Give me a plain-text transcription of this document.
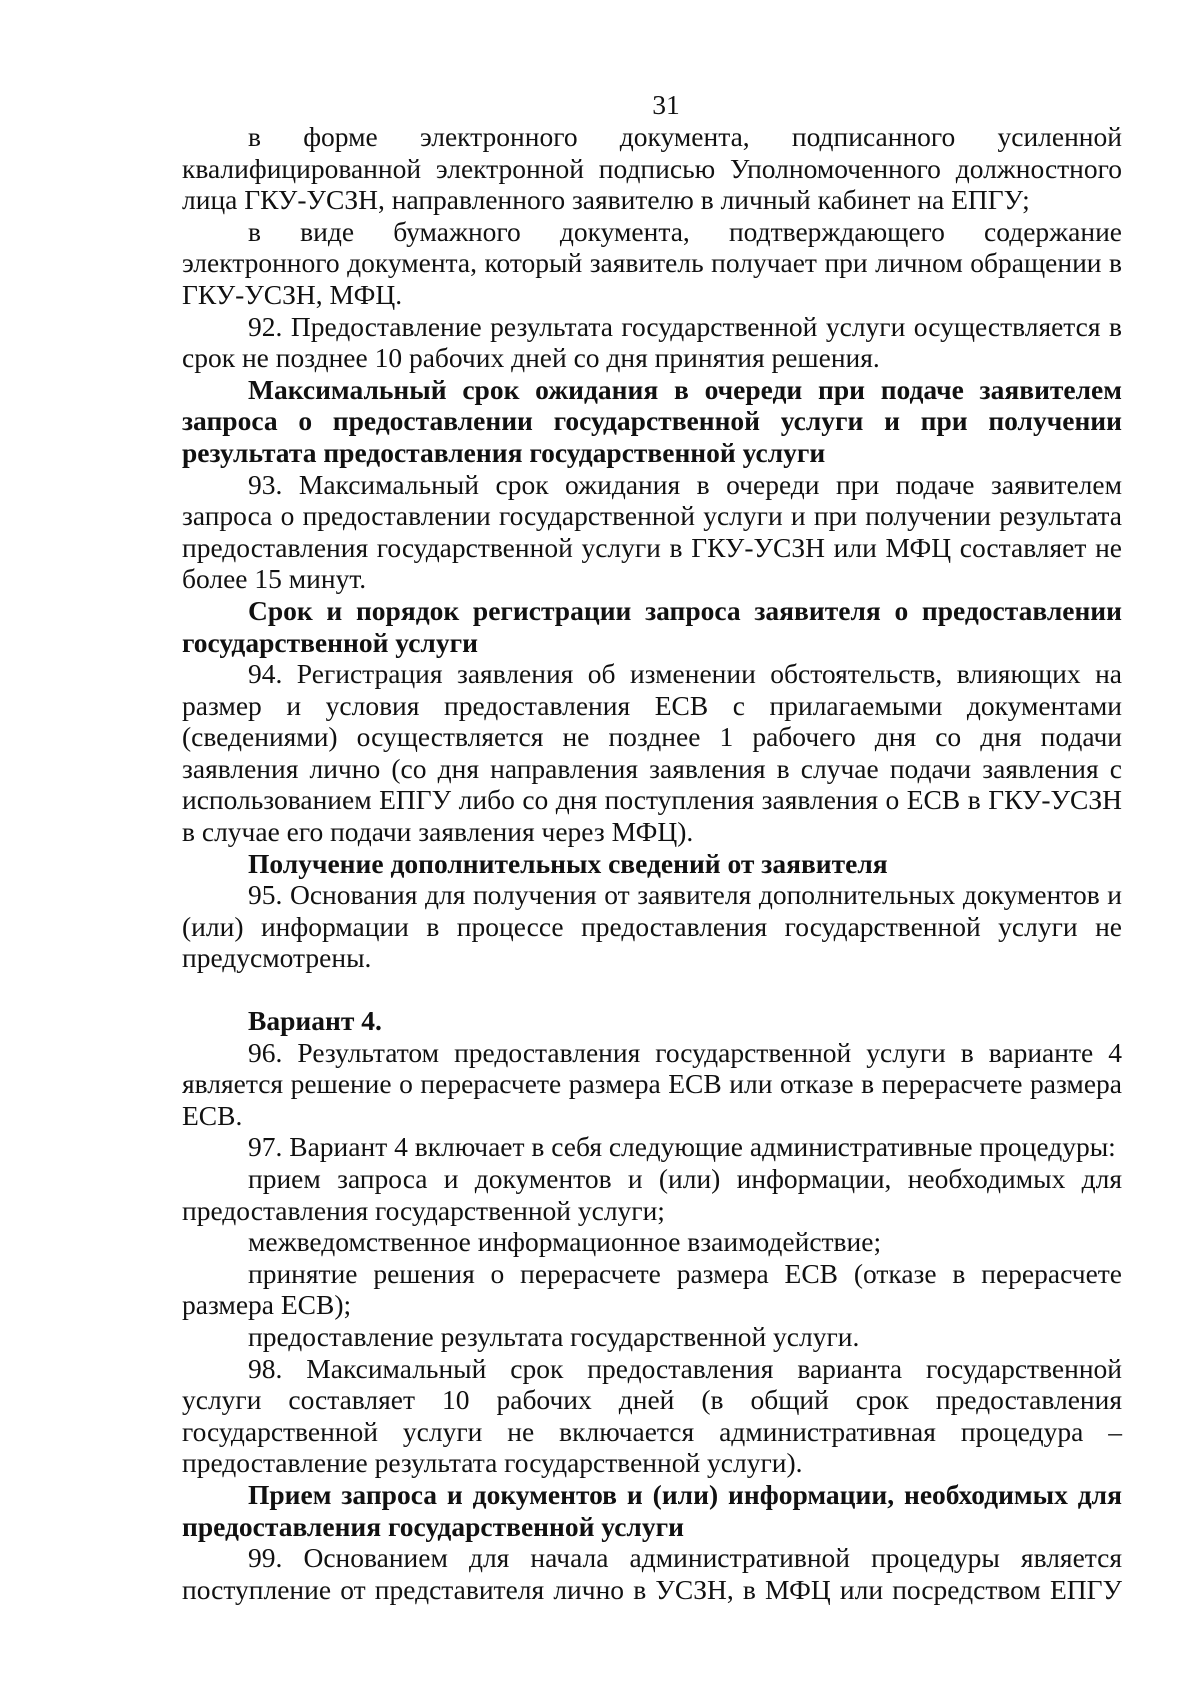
31

в форме электронного документа, подписанного усиленной квалифицированной электронной подписью Уполномоченного должностного лица ГКУ-УСЗН, направленного заявителю в личный кабинет на ЕПГУ;

в виде бумажного документа, подтверждающего содержание электронного документа, который заявитель получает при личном обращении в ГКУ-УСЗН, МФЦ.

92. Предоставление результата государственной услуги осуществляется в срок не позднее 10 рабочих дней со дня принятия решения.

Максимальный срок ожидания в очереди при подаче заявителем запроса о предоставлении государственной услуги и при получении результата предоставления государственной услуги

93. Максимальный срок ожидания в очереди при подаче заявителем запроса о предоставлении государственной услуги и при получении результата предоставления государственной услуги в ГКУ-УСЗН или МФЦ составляет не более 15 минут.

Срок и порядок регистрации запроса заявителя о предоставлении государственной услуги

94. Регистрация заявления об изменении обстоятельств, влияющих на размер и условия предоставления ЕСВ с прилагаемыми документами (сведениями) осуществляется не позднее 1 рабочего дня со дня подачи заявления лично (со дня направления заявления в случае подачи заявления с использованием ЕПГУ либо со дня поступления заявления о ЕСВ в ГКУ-УСЗН в случае его подачи заявления через МФЦ).

Получение дополнительных сведений от заявителя

95. Основания для получения от заявителя дополнительных документов и (или) информации в процессе предоставления государственной услуги не предусмотрены.

Вариант 4.

96. Результатом предоставления государственной услуги в варианте 4 является решение о перерасчете размера ЕСВ или отказе в перерасчете размера ЕСВ.

97. Вариант 4 включает в себя следующие административные процедуры:

прием запроса и документов и (или) информации, необходимых для предоставления государственной услуги;

межведомственное информационное взаимодействие;

принятие решения о перерасчете размера ЕСВ (отказе в перерасчете размера ЕСВ);

предоставление результата государственной услуги.

98. Максимальный срок предоставления варианта государственной услуги составляет 10 рабочих дней (в общий срок предоставления государственной услуги не включается административная процедура – предоставление результата государственной услуги).

Прием запроса и документов и (или) информации, необходимых для предоставления государственной услуги

99. Основанием для начала административной процедуры является поступление от представителя лично в УСЗН, в МФЦ или посредством ЕПГУ
